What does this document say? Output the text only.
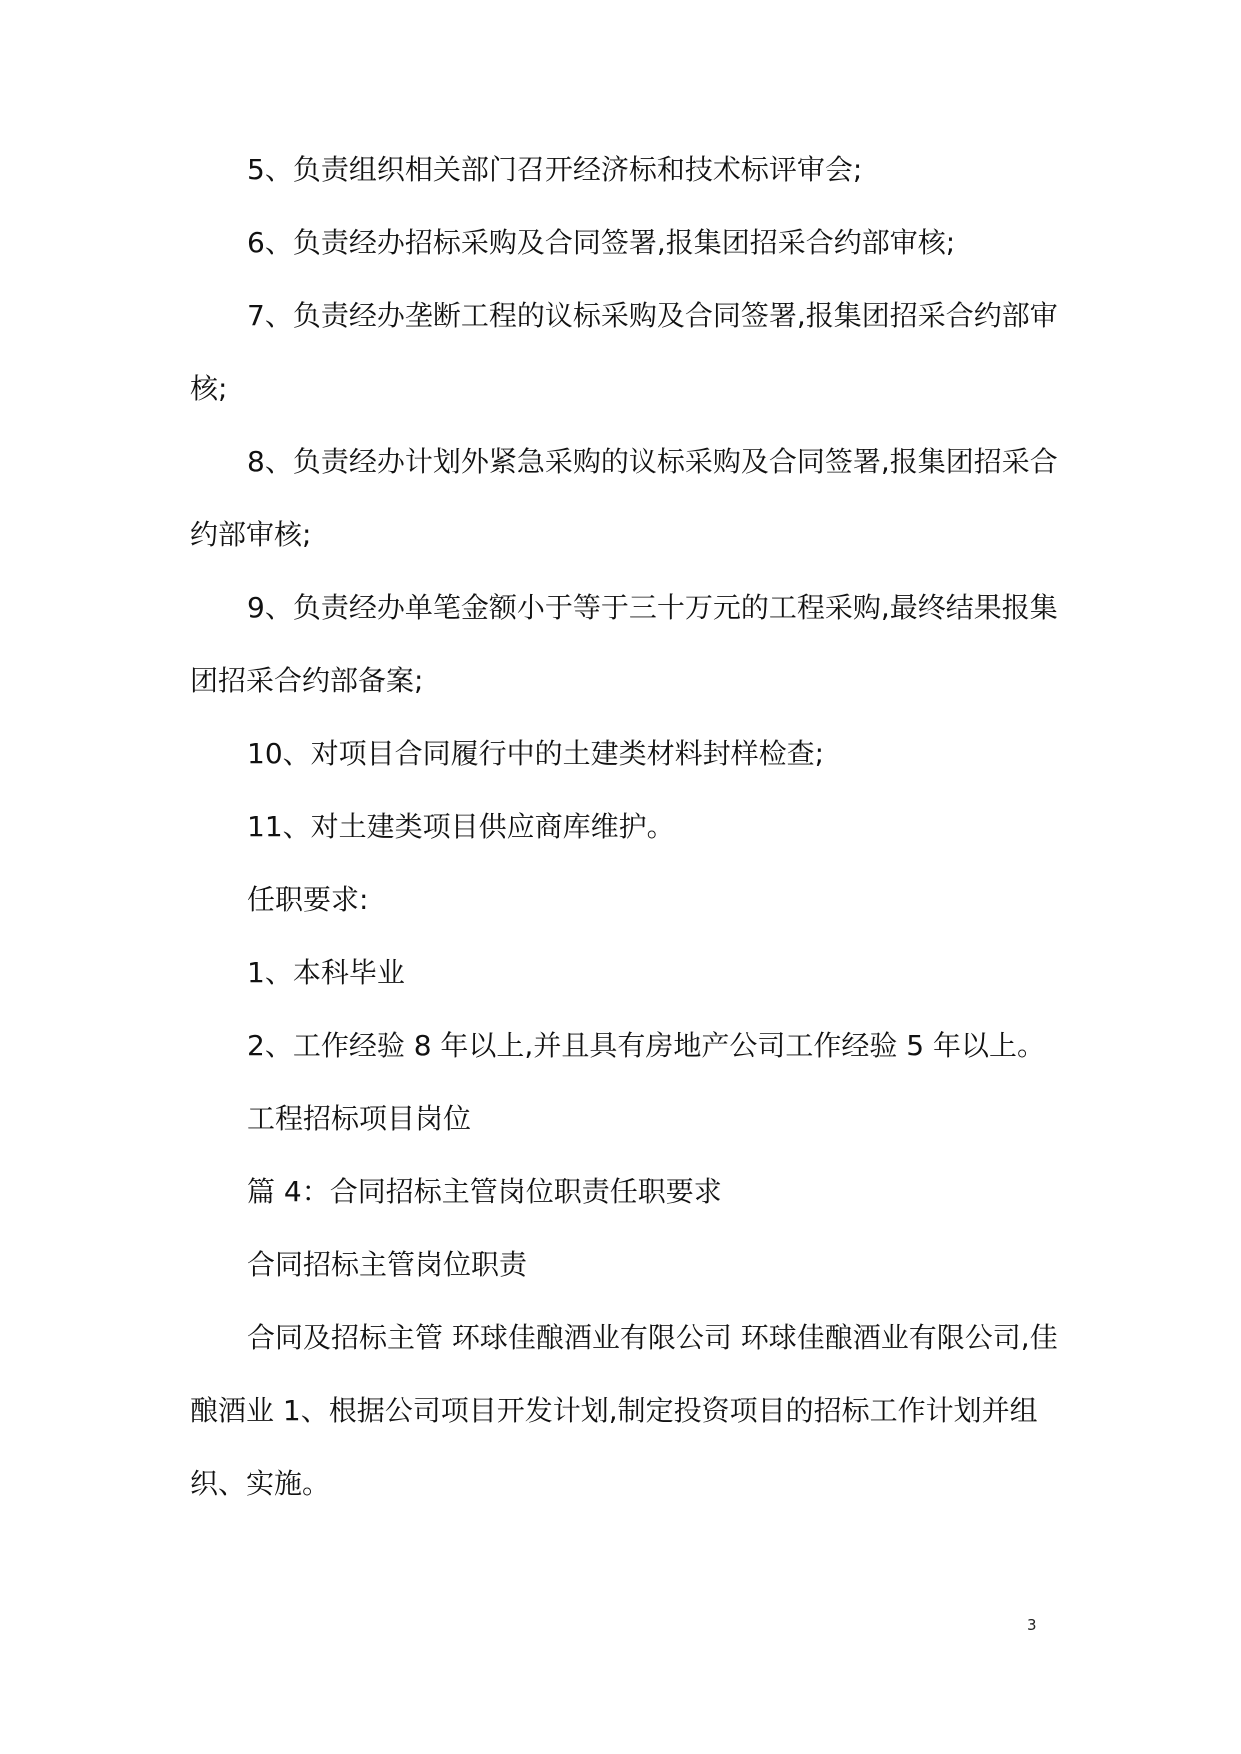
5、负责组织相关部门召开经济标和技术标评审会;

6、负责经办招标采购及合同签署,报集团招采合约部审核;

7、负责经办垄断工程的议标采购及合同签署,报集团招采合约部审核;

8、负责经办计划外紧急采购的议标采购及合同签署,报集团招采合约部审核;

9、负责经办单笔金额小于等于三十万元的工程采购,最终结果报集团招采合约部备案;

10、对项目合同履行中的土建类材料封样检查;

11、对土建类项目供应商库维护。

任职要求:

1、本科毕业

2、工作经验 8 年以上,并且具有房地产公司工作经验 5 年以上。

工程招标项目岗位

篇 4：合同招标主管岗位职责任职要求

合同招标主管岗位职责

合同及招标主管 环球佳酿酒业有限公司 环球佳酿酒业有限公司,佳酿酒业 1、根据公司项目开发计划,制定投资项目的招标工作计划并组织、实施。

3
